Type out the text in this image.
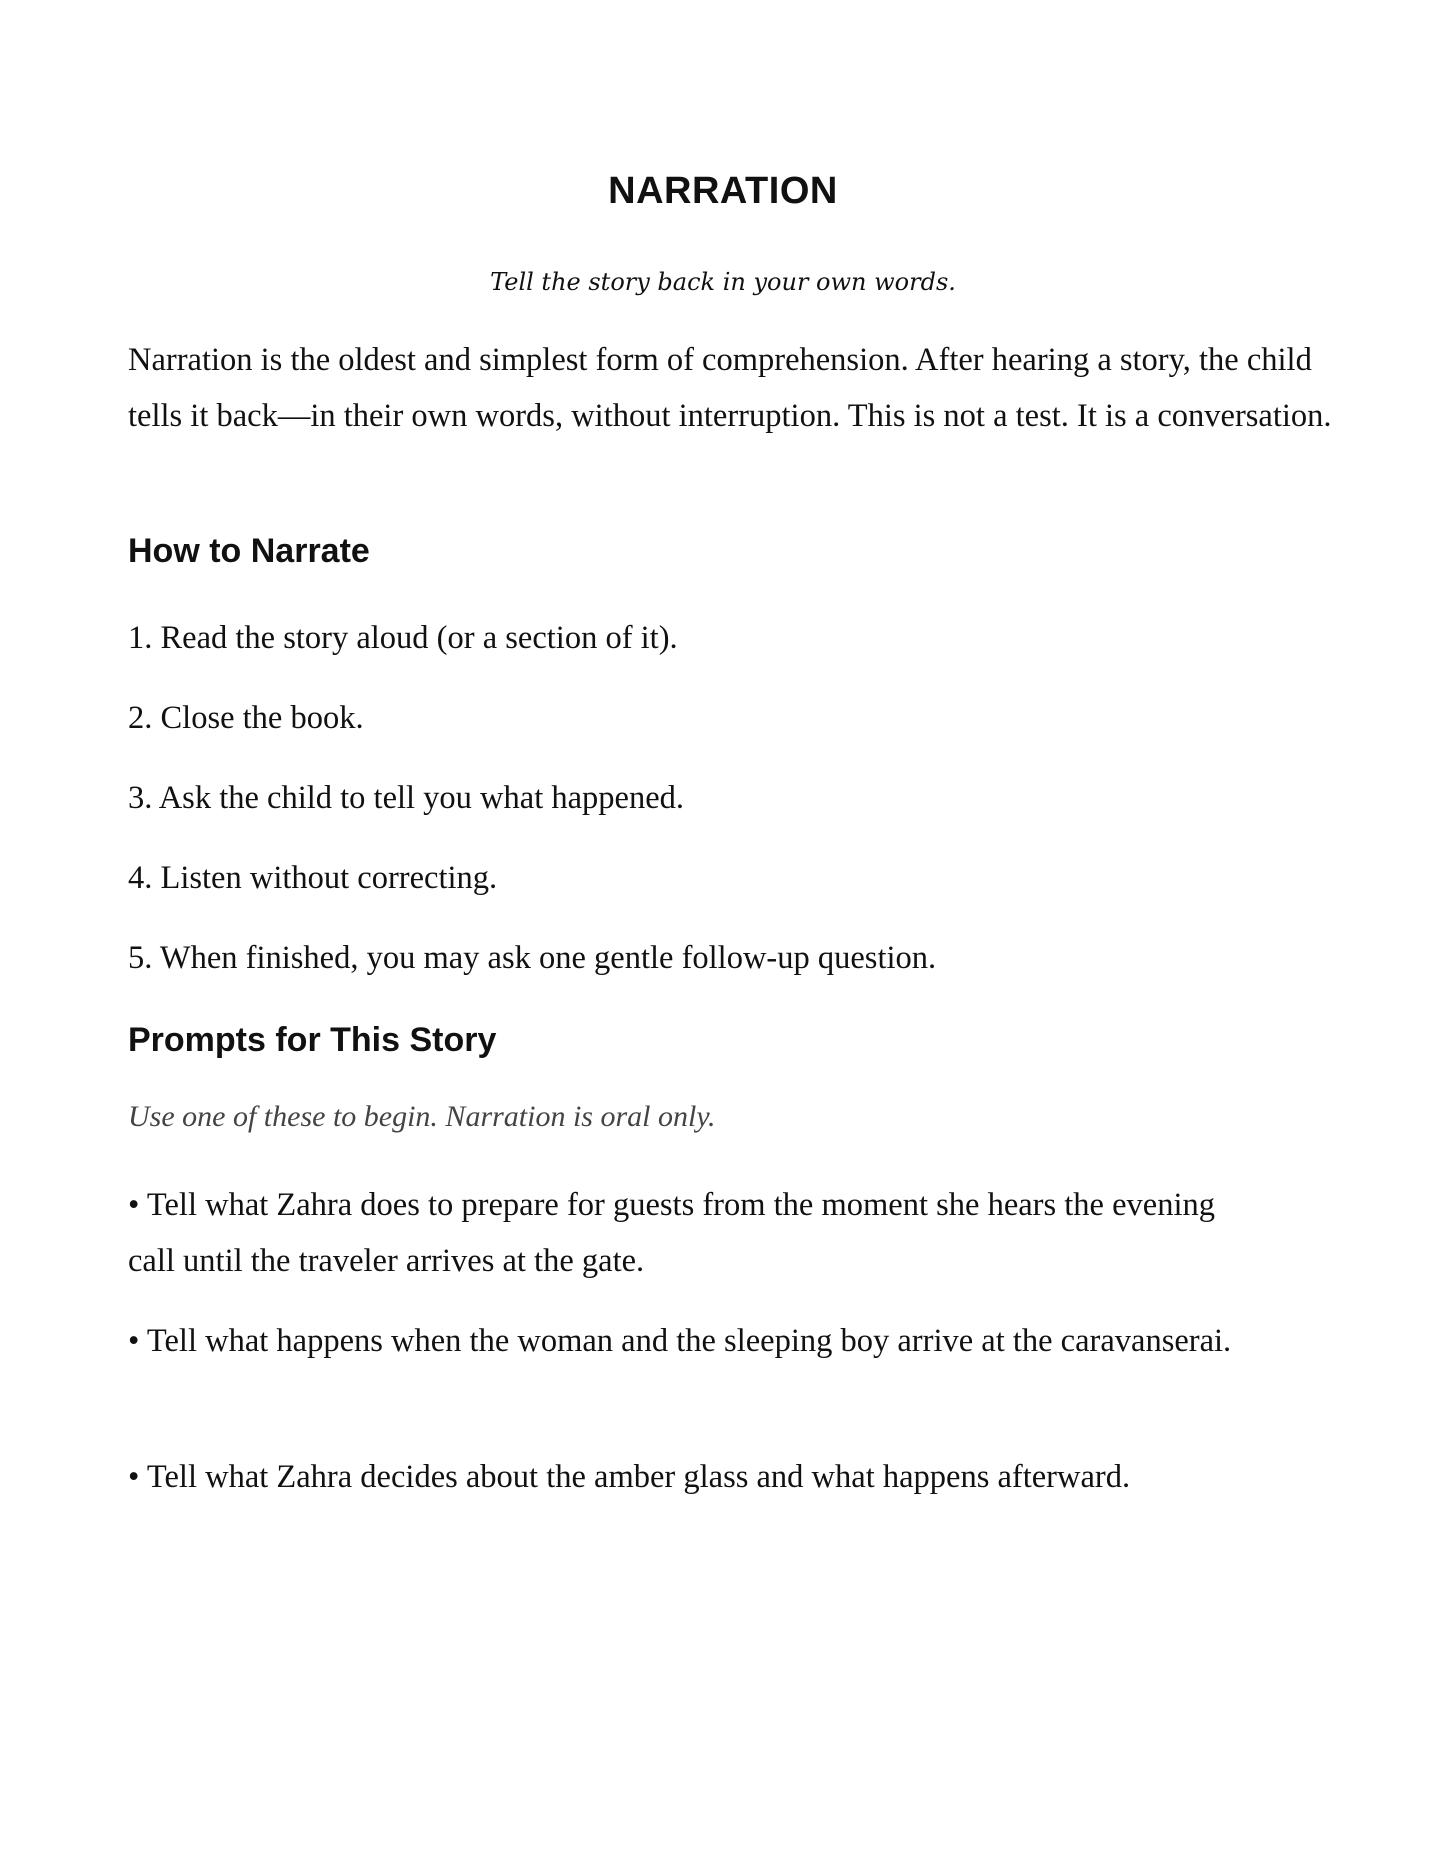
NARRATION

Tell the story back in your own words.

Narration is the oldest and simplest form of comprehension. After hearing a story, the child tells it back—in their own words, without interruption. This is not a test. It is a conversation.

How to Narrate

1. Read the story aloud (or a section of it).

2. Close the book.

3. Ask the child to tell you what happened.

4. Listen without correcting.

5. When finished, you may ask one gentle follow-up question.

Prompts for This Story

Use one of these to begin. Narration is oral only.

• Tell what Zahra does to prepare for guests from the moment she hears the evening call until the traveler arrives at the gate.

• Tell what happens when the woman and the sleeping boy arrive at the caravanserai.

• Tell what Zahra decides about the amber glass and what happens afterward.
